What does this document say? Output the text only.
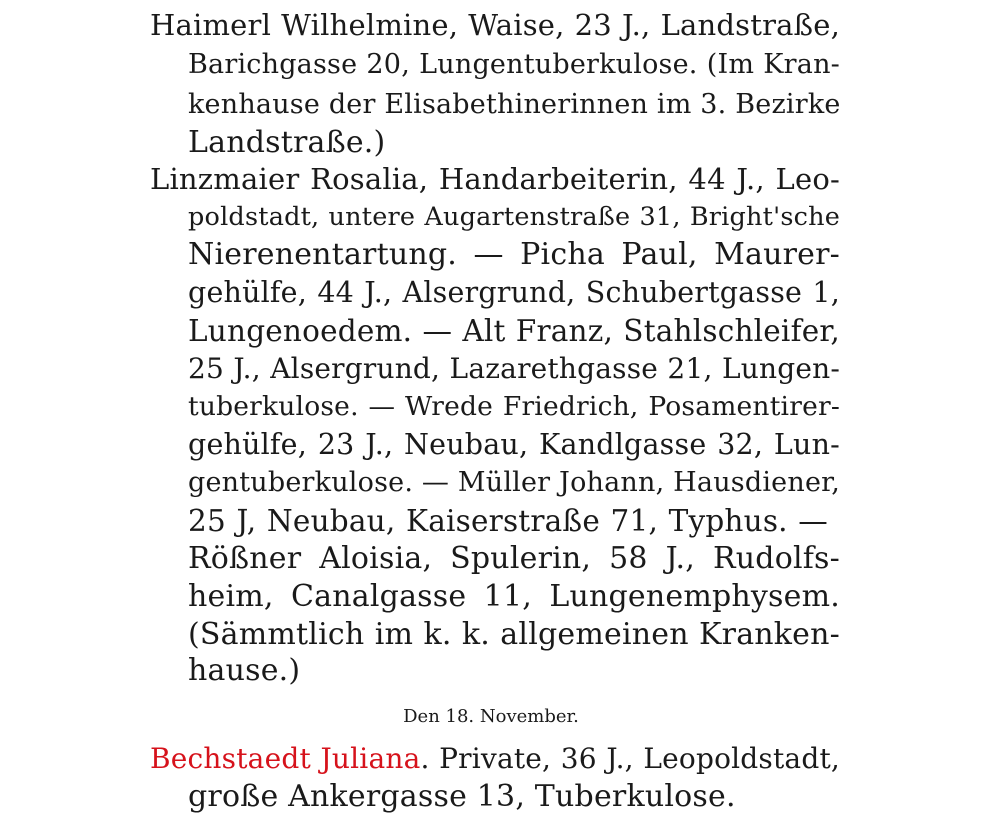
Haimerl Wilhelmine, Waise, 23 J., Landstraße,
Barichgasse 20, Lungentuberkulose. (Im Kran-
kenhause der Elisabethinerinnen im 3. Bezirke
Landstraße.)
Linzmaier Rosalia, Handarbeiterin, 44 J., Leo-
poldstadt, untere Augartenstraße 31, Bright'sche
Nierenentartung. — Picha Paul, Maurer-
gehülfe, 44 J., Alsergrund, Schubertgasse 1,
Lungenoedem. — Alt Franz, Stahlschleifer,
25 J., Alsergrund, Lazarethgasse 21, Lungen-
tuberkulose. — Wrede Friedrich, Posamentirer-
gehülfe, 23 J., Neubau, Kandlgasse 32, Lun-
gentuberkulose. — Müller Johann, Hausdiener,
25 J, Neubau, Kaiserstraße 71, Typhus. —
Rößner Aloisia, Spulerin, 58 J., Rudolfs-
heim, Canalgasse 11, Lungenemphysem.
(Sämmtlich im k. k. allgemeinen Kranken-
hause.)
Den 18. November.
Bechstaedt Juliana. Private, 36 J., Leopoldstadt,
große Ankergasse 13, Tuberkulose.
